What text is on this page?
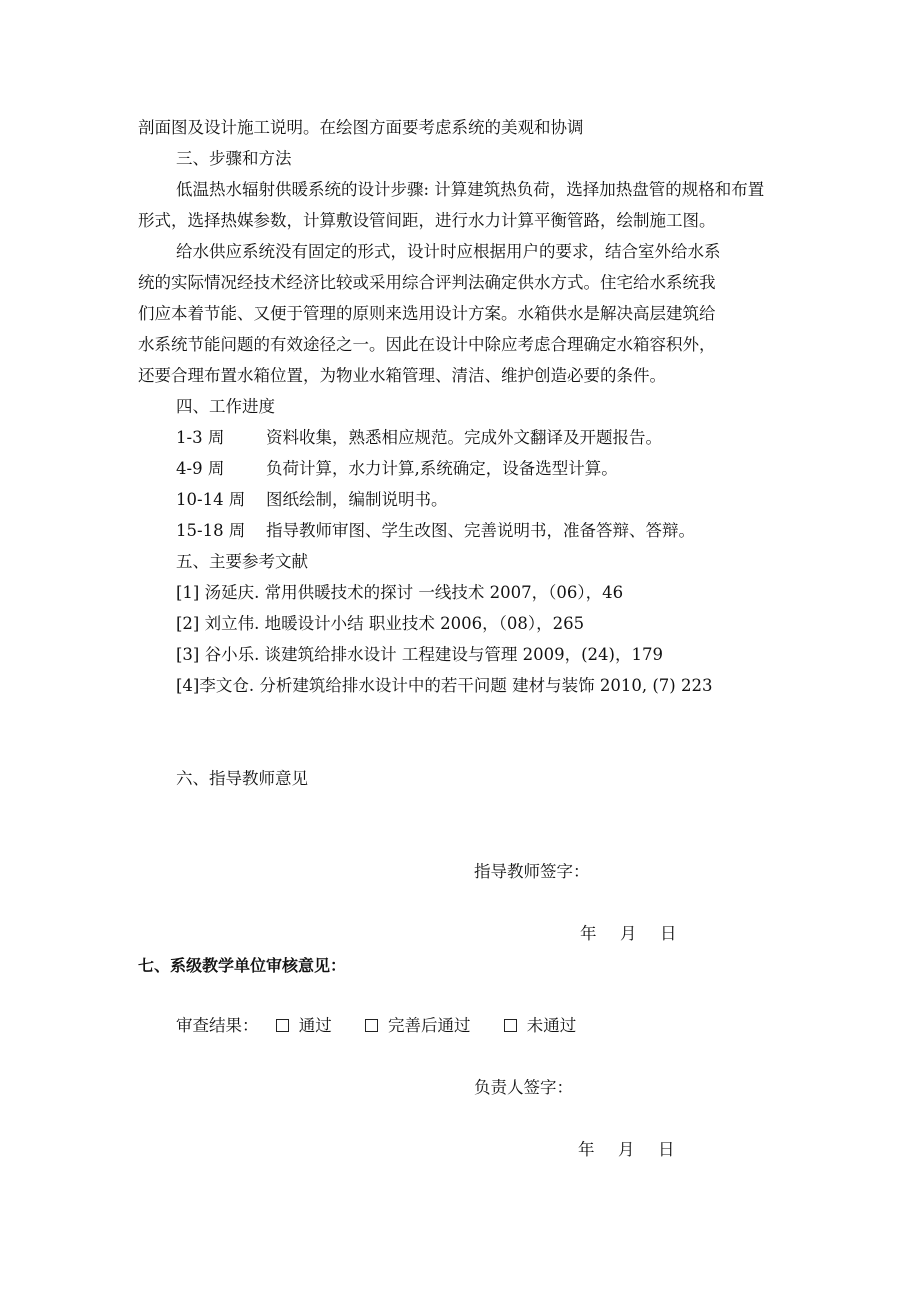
剖面图及设计施工说明。在绘图方面要考虑系统的美观和协调
三、步骤和方法
低温热水辐射供暖系统的设计步骤: 计算建筑热负荷，选择加热盘管的规格和布置
形式，选择热媒参数，计算敷设管间距，进行水力计算平衡管路，绘制施工图。
给水供应系统没有固定的形式，设计时应根据用户的要求，结合室外给水系
统的实际情况经技术经济比较或采用综合评判法确定供水方式。住宅给水系统我
们应本着节能、又便于管理的原则来选用设计方案。水箱供水是解决高层建筑给
水系统节能问题的有效途径之一。因此在设计中除应考虑合理确定水箱容积外，
还要合理布置水箱位置，为物业水箱管理、清洁、维护创造必要的条件。
四、工作进度
1-3 周	资料收集，熟悉相应规范。完成外文翻译及开题报告。
4-9 周	负荷计算，水力计算,系统确定，设备选型计算。
10-14 周 图纸绘制，编制说明书。
15-18 周 指导教师审图、学生改图、完善说明书，准备答辩、答辩。
五、主要参考文献
[1] 汤延庆. 常用供暖技术的探讨 一线技术 2007，（06），46
[2] 刘立伟. 地暖设计小结 职业技术 2006，（08），265
[3] 谷小乐. 谈建筑给排水设计 工程建设与管理 2009，(24)，179
[4]李文仓. 分析建筑给排水设计中的若干问题 建材与装饰 2010, (7) 223
六、指导教师意见
指导教师签字：
年 月 日
七、系级教学单位审核意见：
审查结果： 通过	完善后通过	未通过
负责人签字：
年 月 日
